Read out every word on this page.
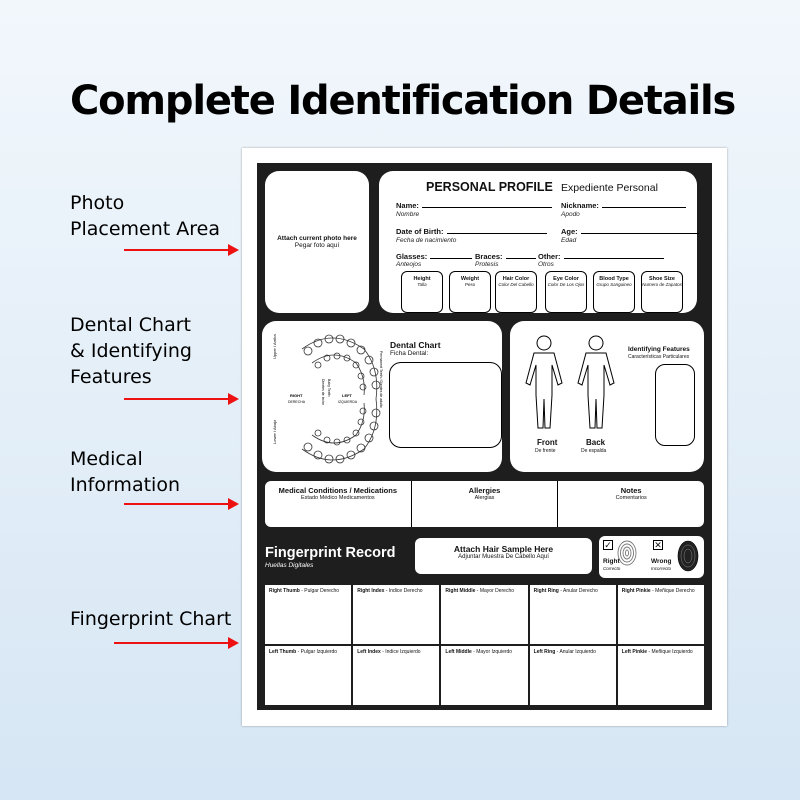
Complete Identification Details
Photo
Placement Area
Dental Chart
& Identifying
Features
Medical
Information
Fingerprint Chart
Attach current photo here
Pegar foto aquí
PERSONAL PROFILE Expediente Personal
Name:
Nombre
Nickname:
Apodo
Date of Birth:
Fecha de nacimiento
Age:
Edad
Glasses:
Anteojos
Braces:
Protesis
Other:
Otros
Height
Talla
Weight
Peso
Hair Color
Color Del Cabello
Eye Color
Color De Los Ojos
Blood Type
Grupo Sanguineo
Shoe Size
Numero de Zapatos
Upper / Arriba
Lower / Abajo
RIGHT
DERECHA
LEFT
IZQUIERDA
Baby Teeth
Dientes de leche	Permanent Teeth / Dientes de adulto
Dental Chart
Ficha Dental:
Front
De frente
Back
De espalda
Identifying Features
Características Particulares
Medical Conditions / Medications
Estado Médico Medicamentos
Allergies
Alergias
Notes
Comentarios
Fingerprint Record
Huellas Digitales
Attach Hair Sample Here
Adjuntar Muestra De Cabello Aquí
✓
Right
Correcto
✕
Wrong
Incorrecto
Right Thumb - Pulgar Derecho	Right Index - Indice Derecho	Right Middle - Mayor Derecho	Right Ring - Anular Derecho	Right Pinkie - Meñique Derecho
Left Thumb - Pulgar Izquierdo	Left Index - Indice Izquierdo	Left Middle - Mayor Izquierdo	Left Ring - Anular Izquierdo	Left Pinkie - Meñique Izquierdo
